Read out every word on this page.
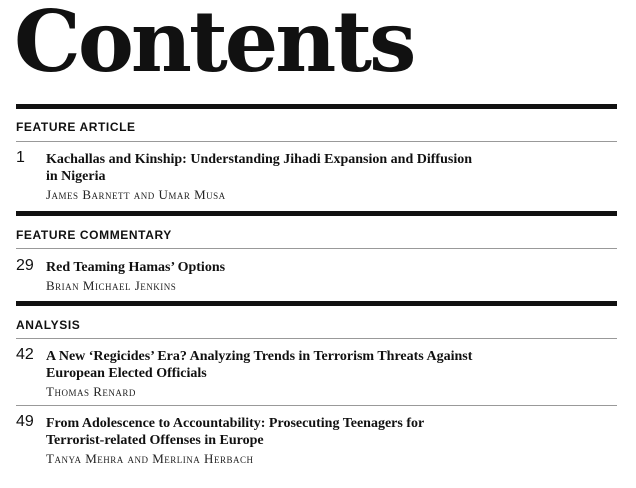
Contents
FEATURE ARTICLE
1 Kachallas and Kinship: Understanding Jihadi Expansion and Diffusion
in Nigeria
James Barnett and Umar Musa
FEATURE COMMENTARY
29 Red Teaming Hamas’ Options
Brian Michael Jenkins
ANALYSIS
42 A New ‘Regicides’ Era? Analyzing Trends in Terrorism Threats Against
European Elected Officials
Thomas Renard
49 From Adolescence to Accountability: Prosecuting Teenagers for
Terrorist-related Offenses in Europe
Tanya Mehra and Merlina Herbach
